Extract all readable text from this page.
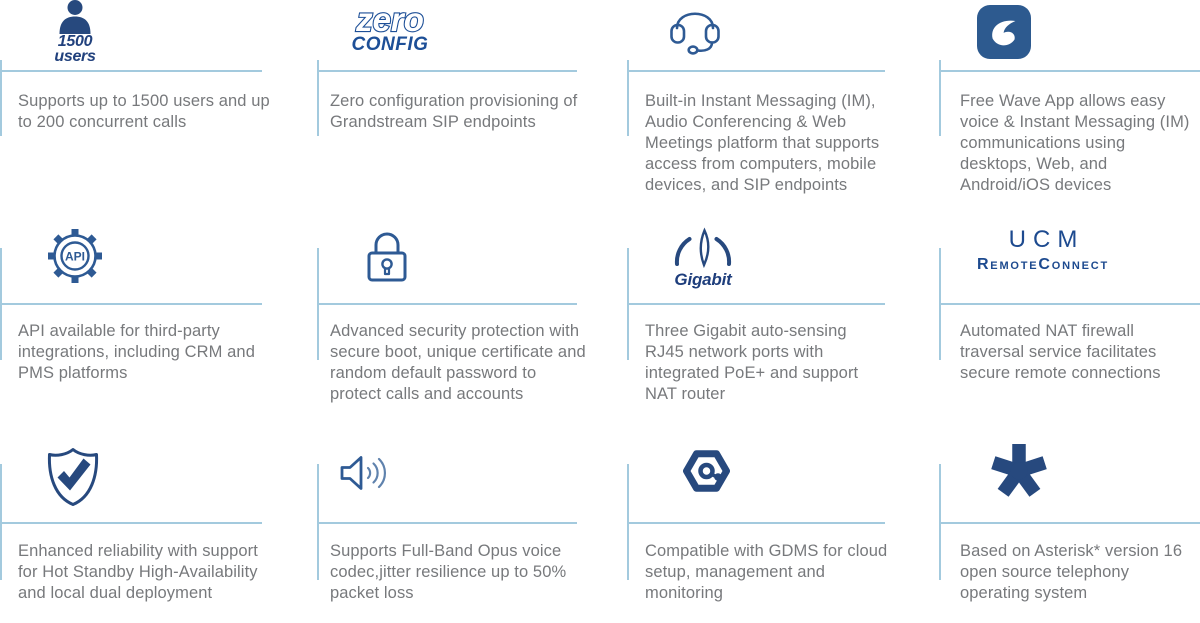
1500
users
Supports up to 1500 users and up to 200 concurrent calls
zero
CONFIG
Zero configuration provisioning of Grandstream SIP endpoints
Built-in Instant Messaging (IM), Audio Conferencing & Web Meetings platform that supports access from computers, mobile devices, and SIP endpoints
Free Wave App allows easy voice & Instant Messaging (IM) communications using desktops, Web, and Android/iOS devices
API
API available for third-party integrations, including CRM and PMS platforms
Advanced security protection with secure boot, unique certificate and random default password to protect calls and accounts
Gigabit
Three Gigabit auto-sensing RJ45 network ports with integrated PoE+ and support NAT router
UCM
RemoteConnect
Automated NAT firewall traversal service facilitates secure remote connections
Enhanced reliability with support for Hot Standby High-Availability and local dual deployment
Supports Full-Band Opus voice codec,jitter resilience up to 50% packet loss
Compatible with GDMS for cloud setup, management and monitoring
Based on Asterisk* version 16 open source telephony operating system
